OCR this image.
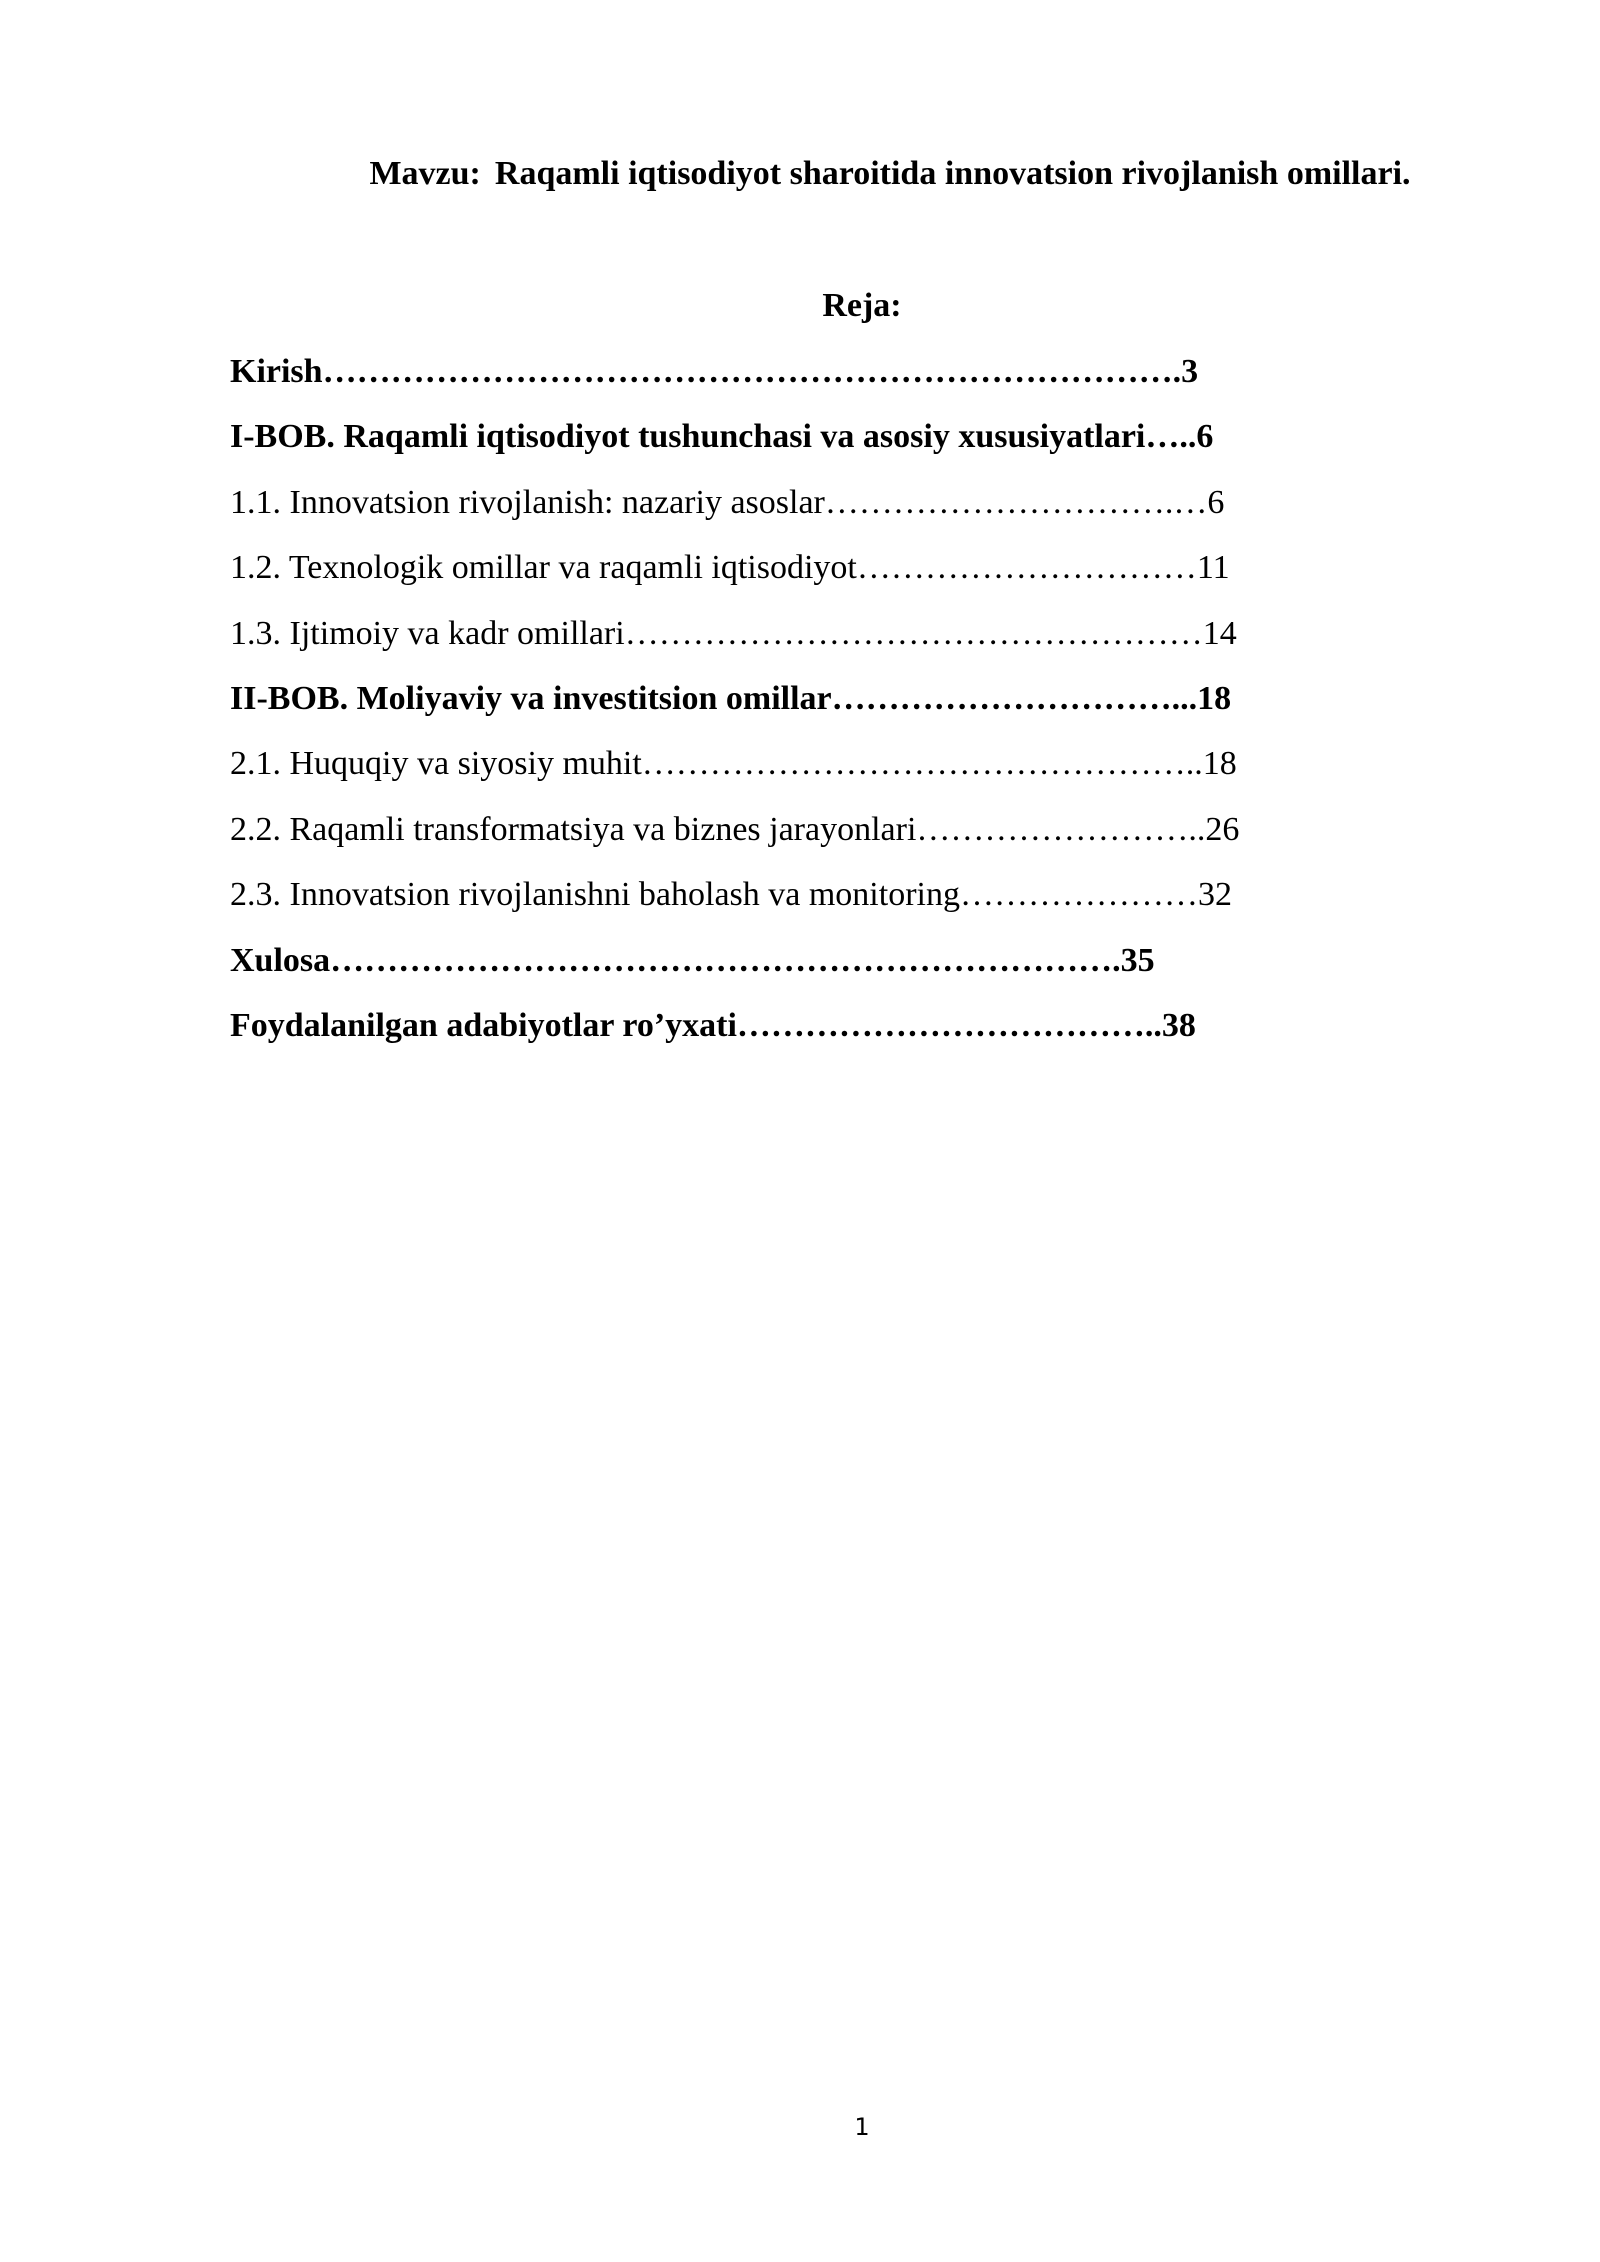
Mavzu: Raqamli iqtisodiyot sharoitida innovatsion rivojlanish omillari.
Reja:
Kirish ………………………………………………………………… .3
I-BOB. Raqamli iqtisodiyot tushunchasi va asosiy xususiyatlari ….. 6
1.1. Innovatsion rivojlanish: nazariy asoslar ………………………….… 6
1.2. Texnologik omillar va raqamli iqtisodiyot ………………………… 11
1.3. Ijtimoiy va kadr omillari …………………………………………… 14
II-BOB. Moliyaviy va investitsion omillar …………………………... 18
2.1. Huquqiy va siyosiy muhit ………………………………………….. 18
2.2. Raqamli transformatsiya va biznes jarayonlari …………………….. 26
2.3. Innovatsion rivojlanishni baholash va monitoring ………………… 32
Xulosa ……………………………………………………………. 35
Foydalanilgan adabiyotlar ro’yxati ……………………………….. 38
1
